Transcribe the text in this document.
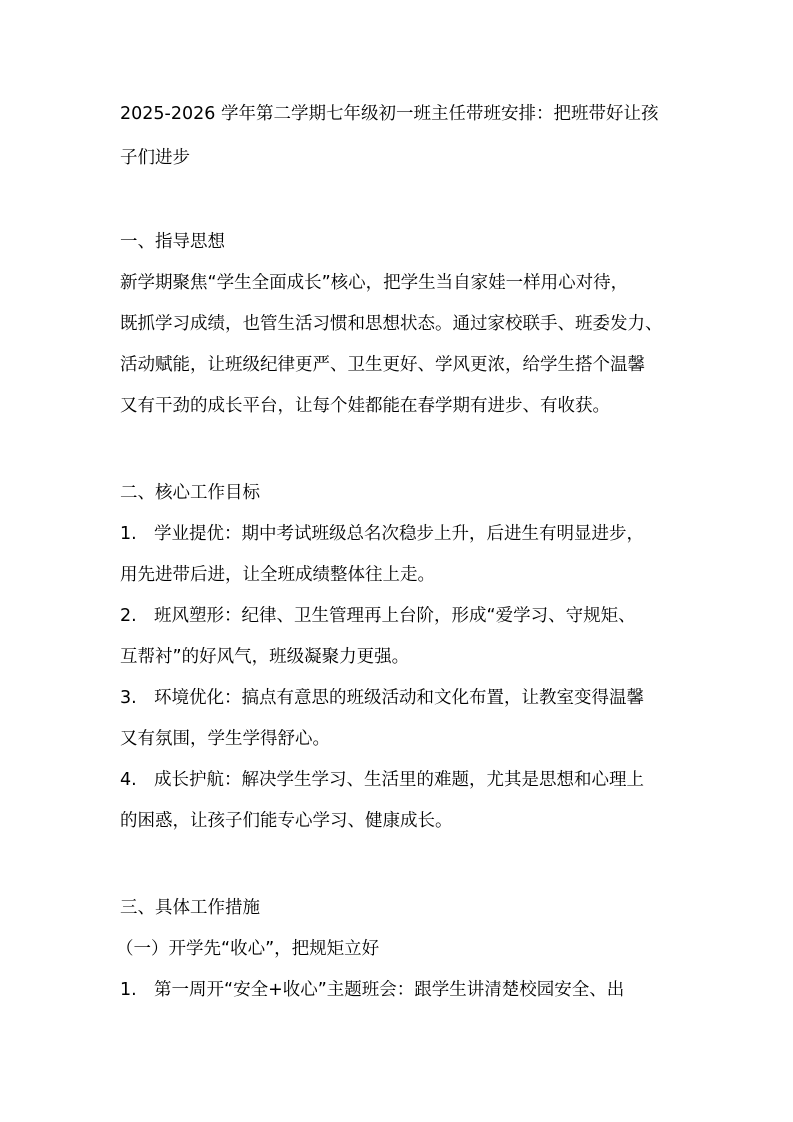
2025-2026 学年第二学期七年级初一班主任带班安排：把班带好让孩
子们进步
一、指导思想
新学期聚焦“学生全面成长”核心，把学生当自家娃一样用心对待，
既抓学习成绩，也管生活习惯和思想状态。通过家校联手、班委发力、
活动赋能，让班级纪律更严、卫生更好、学风更浓，给学生搭个温馨
又有干劲的成长平台，让每个娃都能在春学期有进步、有收获。
二、核心工作目标
1. 学业提优：期中考试班级总名次稳步上升，后进生有明显进步，
用先进带后进，让全班成绩整体往上走。
2. 班风塑形：纪律、卫生管理再上台阶，形成“爱学习、守规矩、
互帮衬”的好风气，班级凝聚力更强。
3. 环境优化：搞点有意思的班级活动和文化布置，让教室变得温馨
又有氛围，学生学得舒心。
4. 成长护航：解决学生学习、生活里的难题，尤其是思想和心理上
的困惑，让孩子们能专心学习、健康成长。
三、具体工作措施
（一）开学先“收心”，把规矩立好
1. 第一周开“安全+收心”主题班会：跟学生讲清楚校园安全、出
